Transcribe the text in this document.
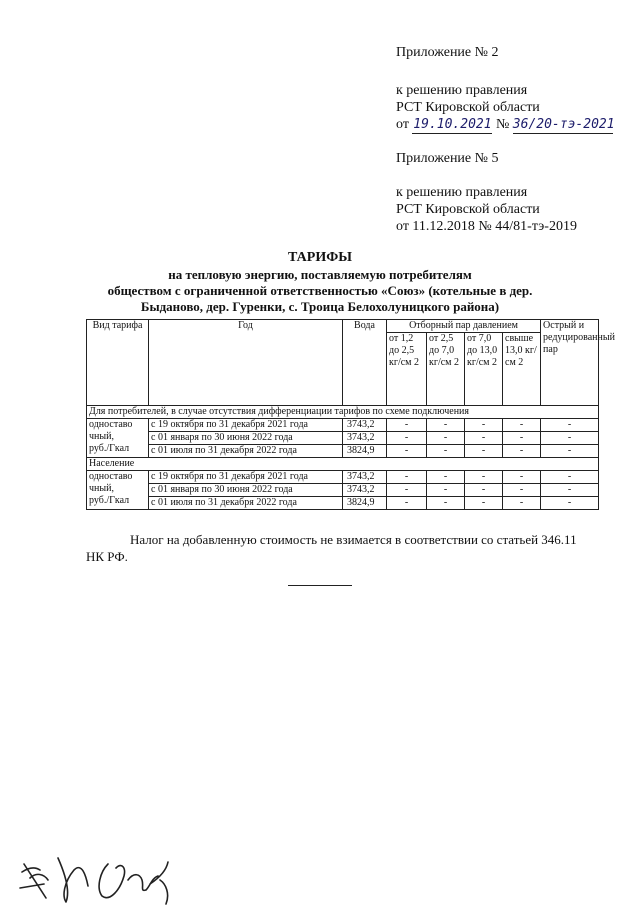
Приложение № 2
к решению правления
РСТ Кировской области
от 19.10.2021 № 36/20-тэ-2021
Приложение № 5
к решению правления
РСТ Кировской области
от 11.12.2018 № 44/81-тэ-2019
ТАРИФЫ
на тепловую энергию, поставляемую потребителям
обществом с ограниченной ответственностью «Союз» (котельные в дер.
Быданово, дер. Гуренки, с. Троица Белохолуницкого района)
Вид тарифа	Год	Вода	Отборный пар давлением				Острый и редуцированный пар
			от 1,2 до 2,5 кг/см 2	от 2,5 до 7,0 кг/см 2	от 7,0 до 13,0 кг/см 2	свыше 13,0 кг/см 2	
Для потребителей, в случае отсутствия дифференциации тарифов по схеме подключения							

одноставо
чный,
руб./Гкал	с 19 октября по 31 декабря 2021 года	3743,2	-	-	-	-	-
	с 01 января по 30 июня 2022 года	3743,2	-	-	-	-	-
	с 01 июля по 31 декабря 2022 года	3824,9	-	-	-	-	-
Население							

одноставо
чный,
руб./Гкал	с 19 октября по 31 декабря 2021 года	3743,2	-	-	-	-	-
	с 01 января по 30 июня 2022 года	3743,2	-	-	-	-	-
	с 01 июля по 31 декабря 2022 года	3824,9	-	-	-	-	-
Налог на добавленную стоимость не взимается в соответствии со статьей 346.11
НК РФ.
